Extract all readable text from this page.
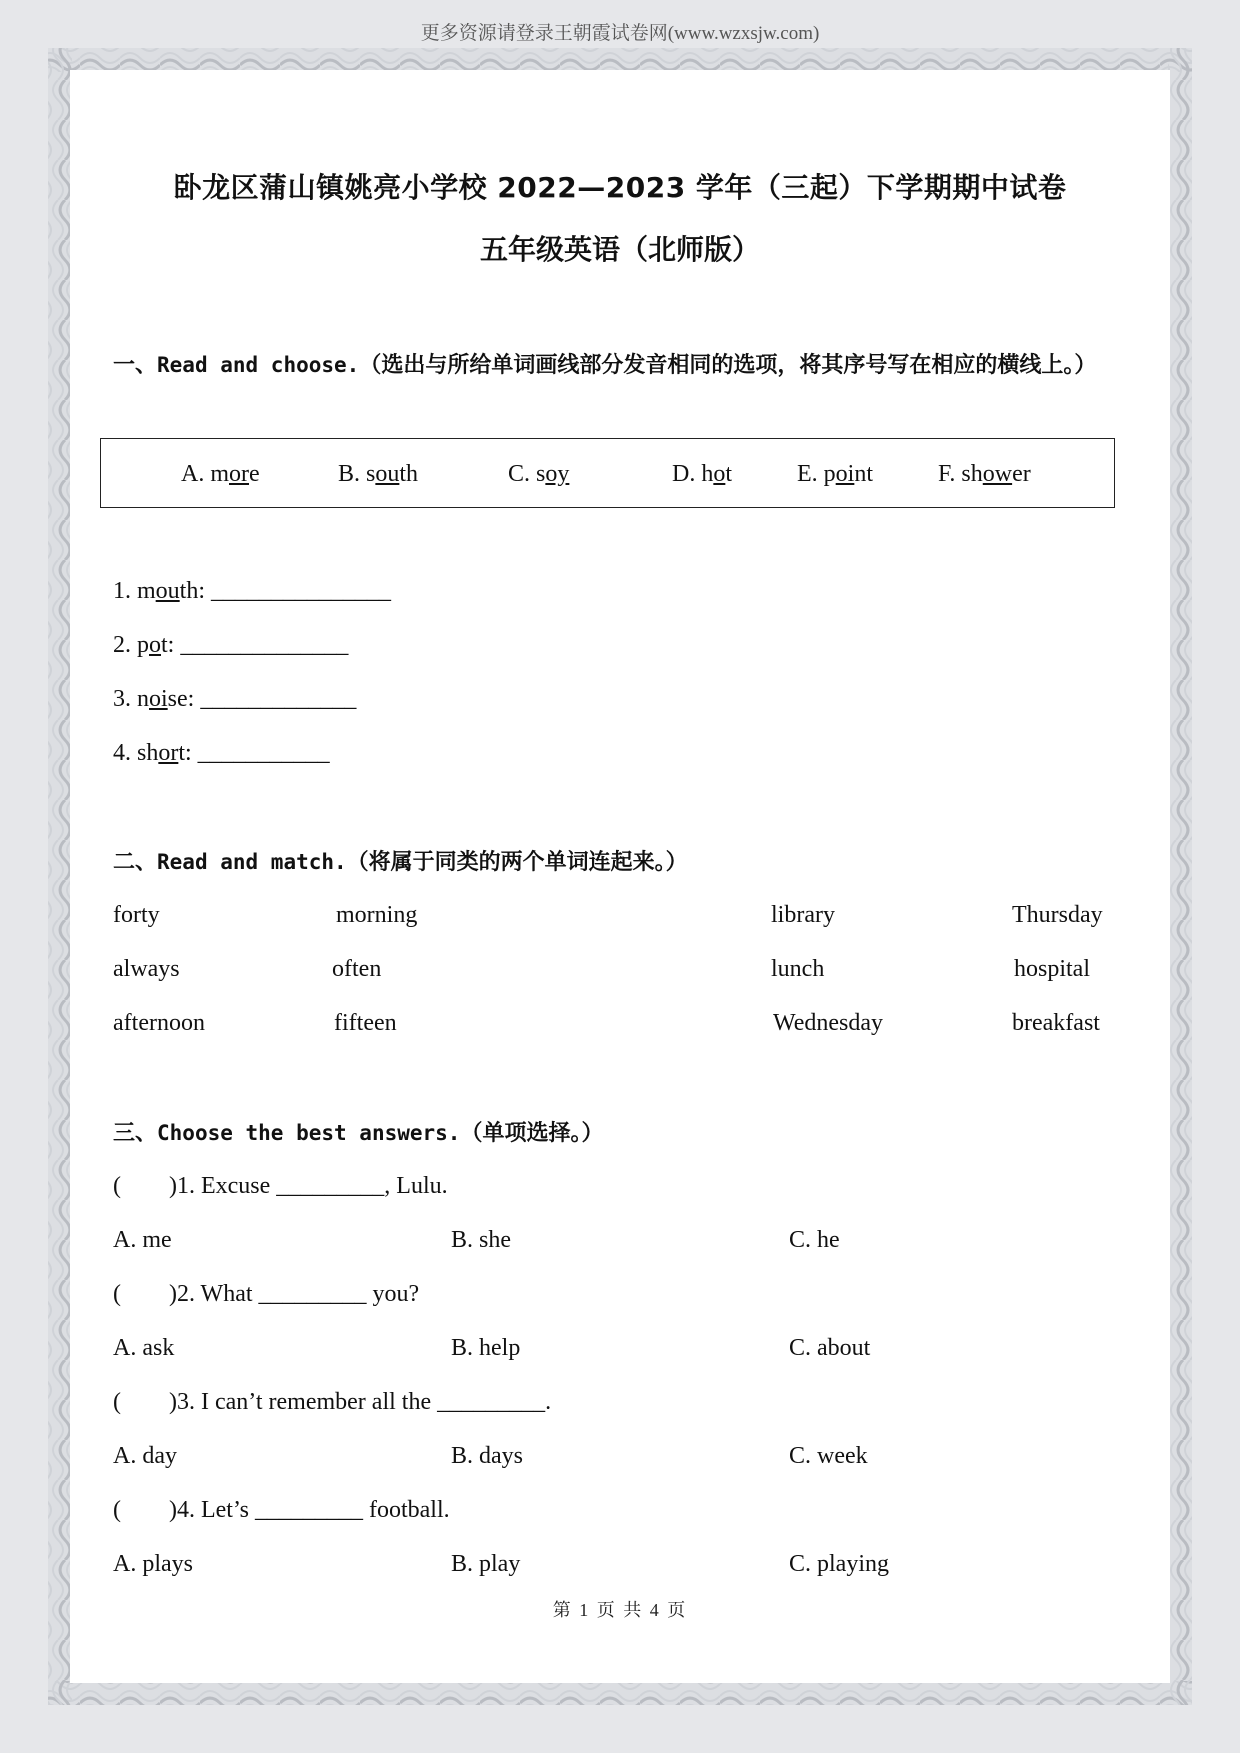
更多资源请登录王朝霞试卷网(www.wzxsjw.com)
卧龙区蒲山镇姚亮小学校 2022—2023 学年（三起）下学期期中试卷
五年级英语（北师版）
一、Read and choose.（选出与所给单词画线部分发音相同的选项，将其序号写在相应的横线上。）
A. more	B. south	C. soy	D. hot	E. point	F. shower
1. mouth: _______________
2. pot: ______________
3. noise: _____________
4. short: ___________
二、Read and match.（将属于同类的两个单词连起来。）
forty	morning	library	Thursday
always	often	lunch	hospital
afternoon	fifteen	Wednesday	breakfast
三、Choose the best answers.（单项选择。）
(        )1. Excuse _________, Lulu.
A. me	B. she	C. he
(        )2. What _________ you?
A. ask	B. help	C. about
(        )3. I can’t remember all the _________.
A. day	B. days	C. week
(        )4. Let’s _________ football.
A. plays	B. play	C. playing
第 1 页 共 4 页
